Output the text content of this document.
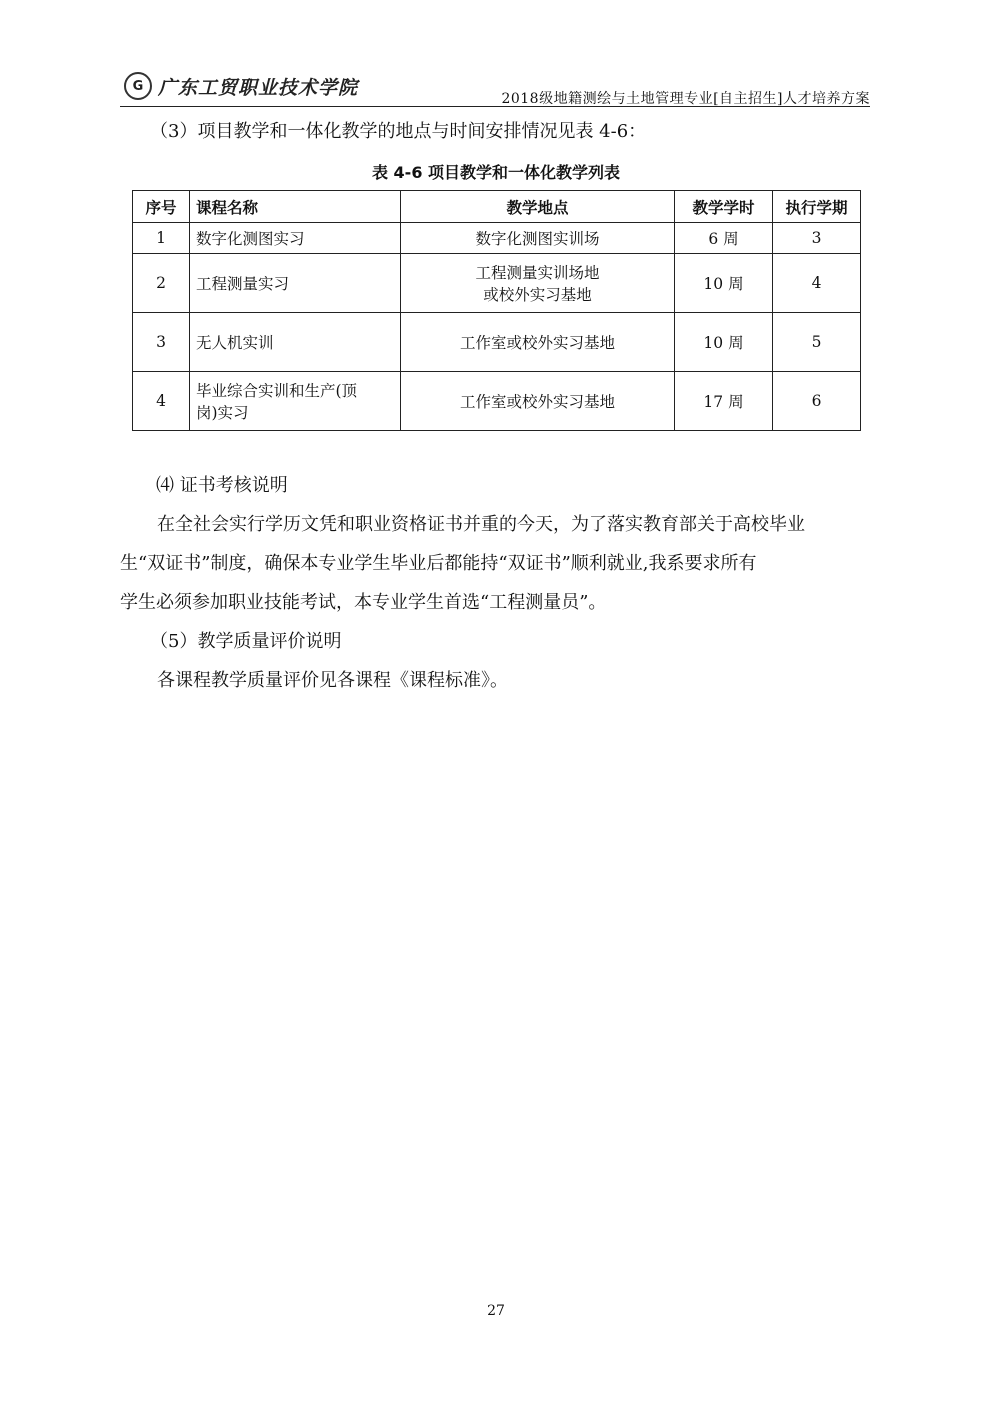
G 广东工贸职业技术学院
2018级地籍测绘与土地管理专业[自主招生]人才培养方案
（3）项目教学和一体化教学的地点与时间安排情况见表 4-6：
表 4-6 项目教学和一体化教学列表
序号	课程名称	教学地点	教学学时	执行学期
1	数字化测图实习	数字化测图实训场	6 周	3
2	工程测量实习	工程测量实训场地
或校外实习基地	10 周	4
3	无人机实训	工作室或校外实习基地	10 周	5
4	毕业综合实训和生产(顶
岗)实习	工作室或校外实习基地	17 周	6
⑷ 证书考核说明
在全社会实行学历文凭和职业资格证书并重的今天，为了落实教育部关于高校毕业
生“双证书”制度，确保本专业学生毕业后都能持“双证书”顺利就业,我系要求所有
学生必须参加职业技能考试，本专业学生首选“工程测量员”。
（5）教学质量评价说明
各课程教学质量评价见各课程《课程标准》。
27
